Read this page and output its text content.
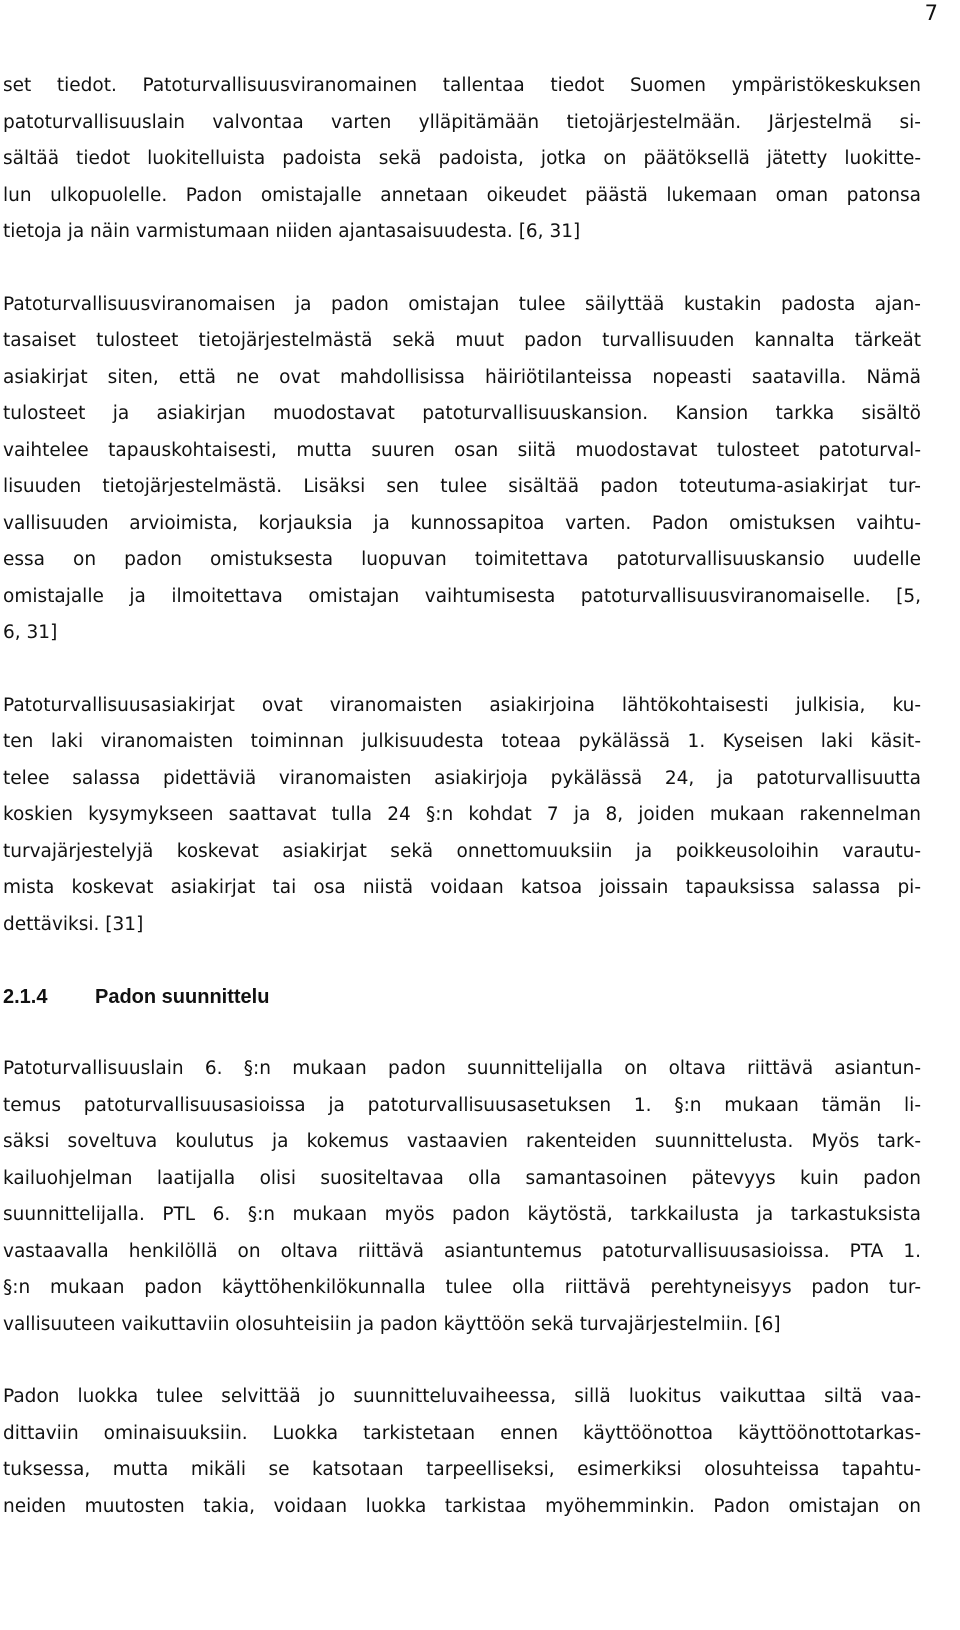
7

set tiedot. Patoturvallisuusviranomainen tallentaa tiedot Suomen ympäristökeskuksen
patoturvallisuuslain valvontaa varten ylläpitämään tietojärjestelmään. Järjestelmä si-
sältää tiedot luokitelluista padoista sekä padoista, jotka on päätöksellä jätetty luokitte-
lun ulkopuolelle. Padon omistajalle annetaan oikeudet päästä lukemaan oman patonsa
tietoja ja näin varmistumaan niiden ajantasaisuudesta. [6, 31]

Patoturvallisuusviranomaisen ja padon omistajan tulee säilyttää kustakin padosta ajan-
tasaiset tulosteet tietojärjestelmästä sekä muut padon turvallisuuden kannalta tärkeät
asiakirjat siten, että ne ovat mahdollisissa häiriötilanteissa nopeasti saatavilla. Nämä
tulosteet ja asiakirjan muodostavat patoturvallisuuskansion. Kansion tarkka sisältö
vaihtelee tapauskohtaisesti, mutta suuren osan siitä muodostavat tulosteet patoturval-
lisuuden tietojärjestelmästä. Lisäksi sen tulee sisältää padon toteutuma-asiakirjat tur-
vallisuuden arvioimista, korjauksia ja kunnossapitoa varten. Padon omistuksen vaihtu-
essa on padon omistuksesta luopuvan toimitettava patoturvallisuuskansio uudelle
omistajalle ja ilmoitettava omistajan vaihtumisesta patoturvallisuusviranomaiselle. [5,
6, 31]

Patoturvallisuusasiakirjat ovat viranomaisten asiakirjoina lähtökohtaisesti julkisia, ku-
ten laki viranomaisten toiminnan julkisuudesta toteaa pykälässä 1. Kyseisen laki käsit-
telee salassa pidettäviä viranomaisten asiakirjoja pykälässä 24, ja patoturvallisuutta
koskien kysymykseen saattavat tulla 24 §:n kohdat 7 ja 8, joiden mukaan rakennelman
turvajärjestelyjä koskevat asiakirjat sekä onnettomuuksiin ja poikkeusoloihin varautu-
mista koskevat asiakirjat tai osa niistä voidaan katsoa joissain tapauksissa salassa pi-
dettäviksi. [31]

2.1.4 Padon suunnittelu

Patoturvallisuuslain 6. §:n mukaan padon suunnittelijalla on oltava riittävä asiantun-
temus patoturvallisuusasioissa ja patoturvallisuusasetuksen 1. §:n mukaan tämän li-
säksi soveltuva koulutus ja kokemus vastaavien rakenteiden suunnittelusta. Myös tark-
kailuohjelman laatijalla olisi suositeltavaa olla samantasoinen pätevyys kuin padon
suunnittelijalla. PTL 6. §:n mukaan myös padon käytöstä, tarkkailusta ja tarkastuksista
vastaavalla henkilöllä on oltava riittävä asiantuntemus patoturvallisuusasioissa. PTA 1.
§:n mukaan padon käyttöhenkilökunnalla tulee olla riittävä perehtyneisyys padon tur-
vallisuuteen vaikuttaviin olosuhteisiin ja padon käyttöön sekä turvajärjestelmiin. [6]

Padon luokka tulee selvittää jo suunnitteluvaiheessa, sillä luokitus vaikuttaa siltä vaa-
dittaviin ominaisuuksiin. Luokka tarkistetaan ennen käyttöönottoa käyttöönottotarkas-
tuksessa, mutta mikäli se katsotaan tarpeelliseksi, esimerkiksi olosuhteissa tapahtu-
neiden muutosten takia, voidaan luokka tarkistaa myöhemminkin. Padon omistajan on
